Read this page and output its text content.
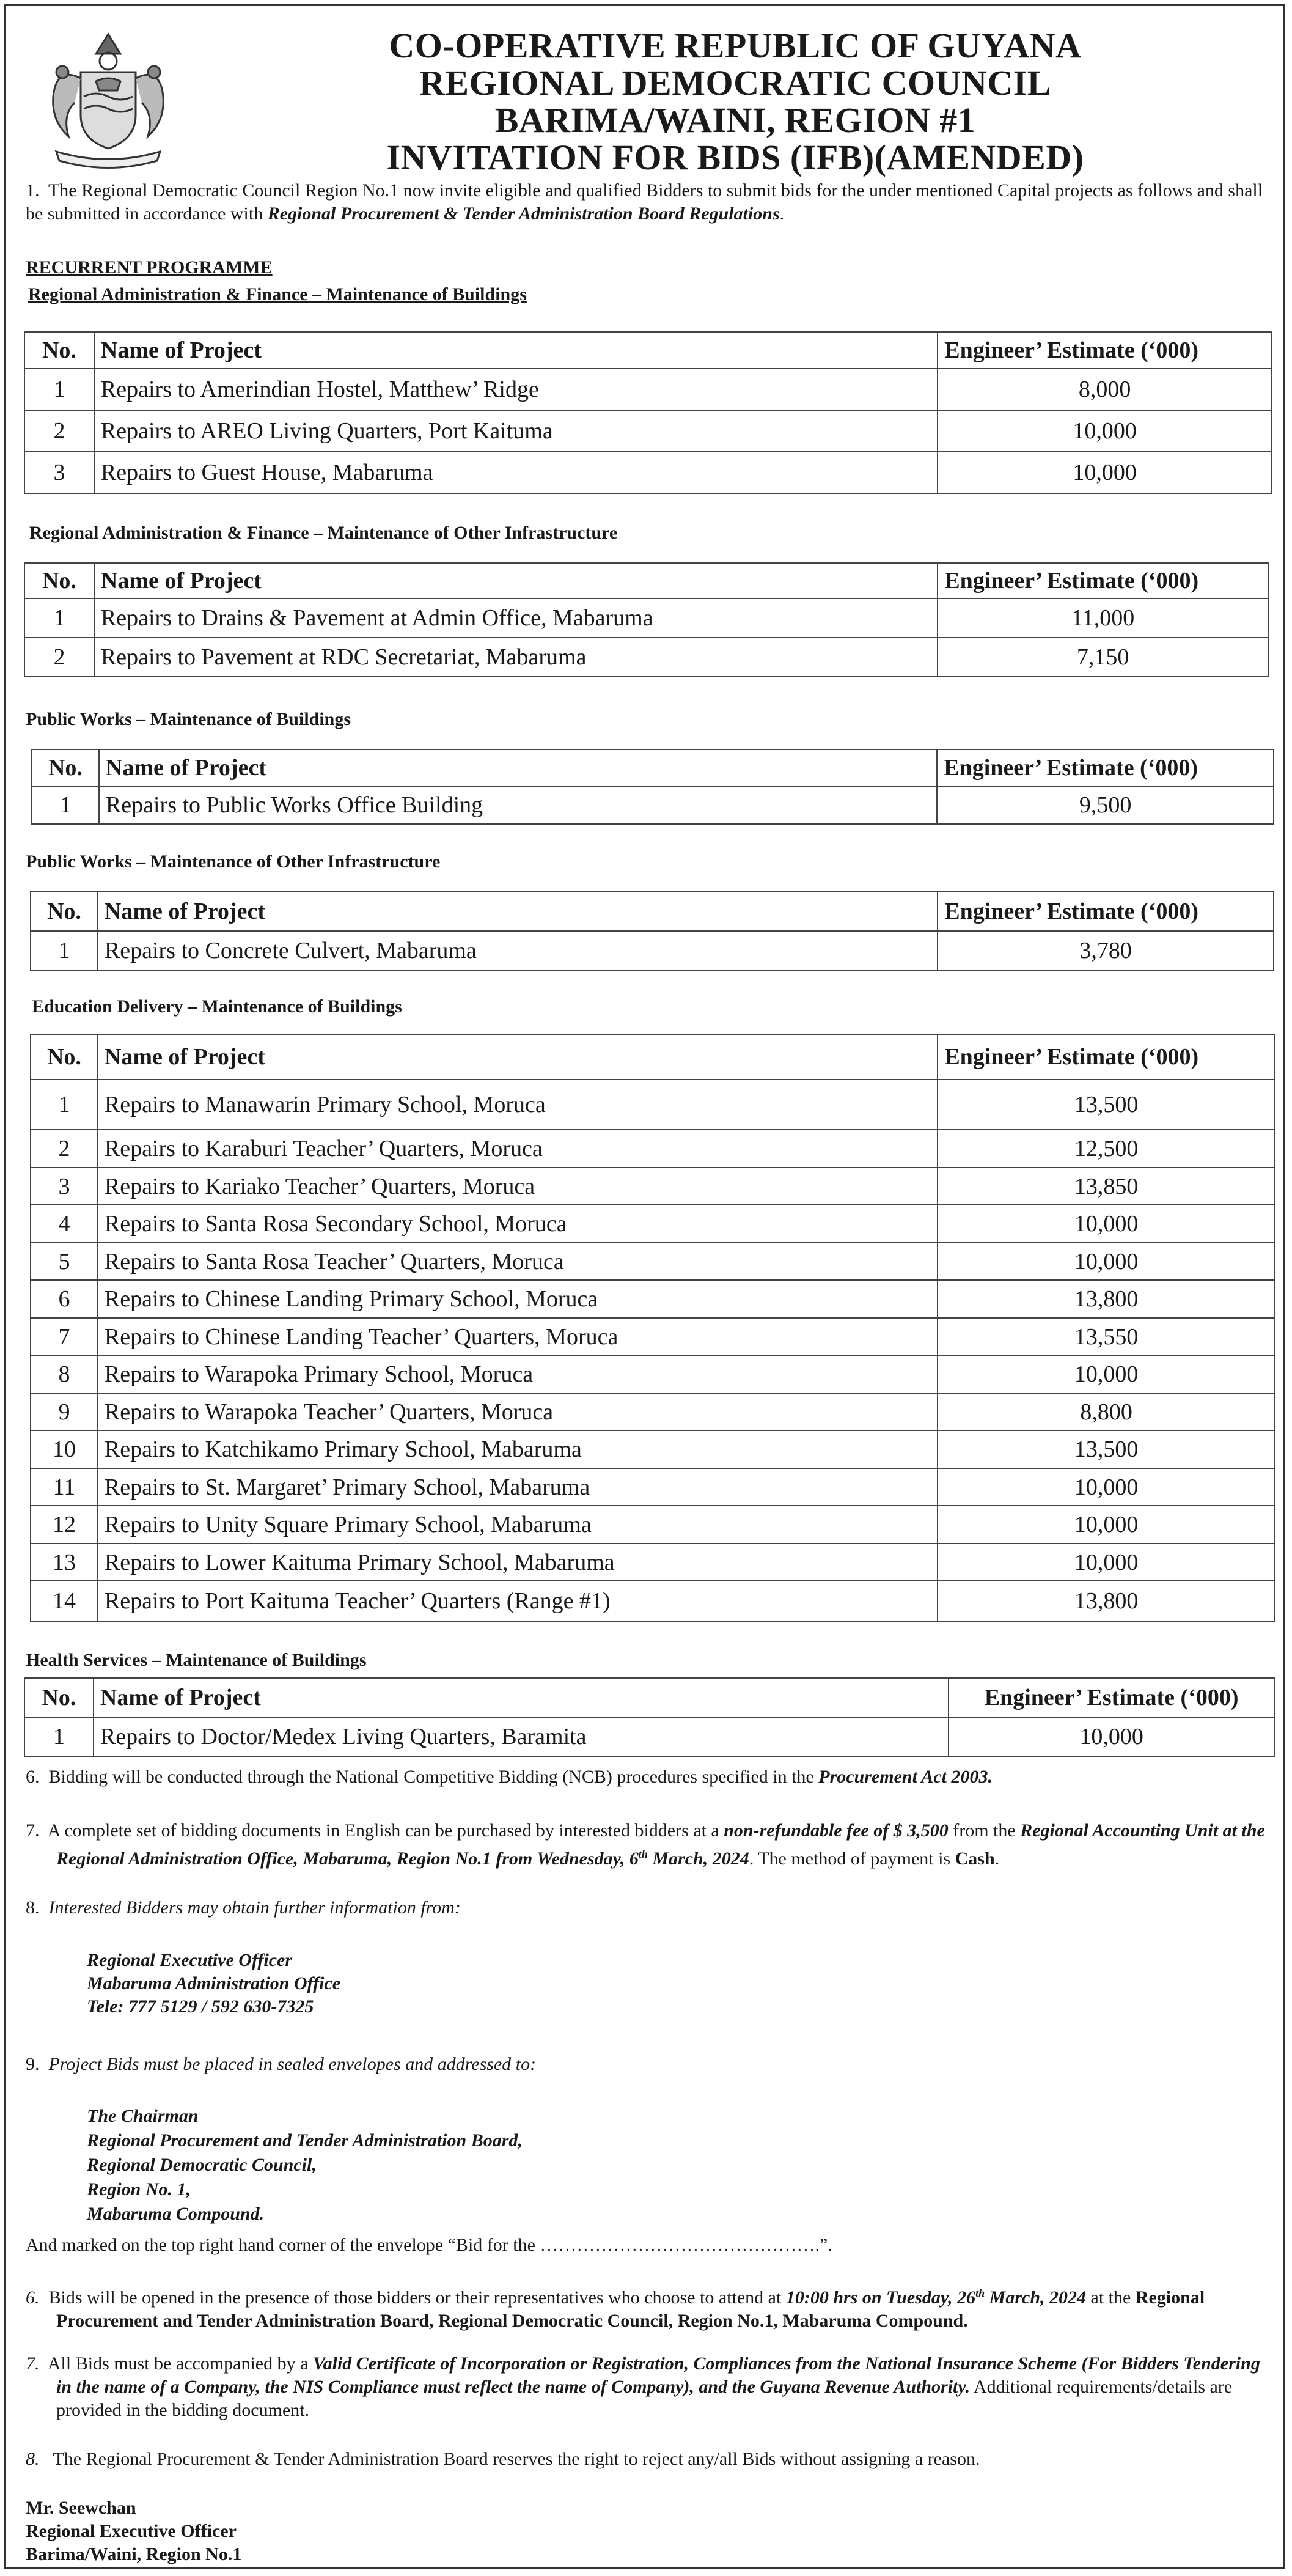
CO-OPERATIVE REPUBLIC OF GUYANA
REGIONAL DEMOCRATIC COUNCIL
BARIMA/WAINI, REGION #1
INVITATION FOR BIDS (IFB)(AMENDED)
1. The Regional Democratic Council Region No.1 now invite eligible and qualified Bidders to submit bids for the under mentioned Capital projects as follows and shall be submitted in accordance with Regional Procurement & Tender Administration Board Regulations.
RECURRENT PROGRAMME
Regional Administration & Finance – Maintenance of Buildings
No.	Name of Project	Engineer’ Estimate (‘000)
1	Repairs to Amerindian Hostel, Matthew’ Ridge	8,000
2	Repairs to AREO Living Quarters, Port Kaituma	10,000
3	Repairs to Guest House, Mabaruma	10,000
Regional Administration & Finance – Maintenance of Other Infrastructure
No.	Name of Project	Engineer’ Estimate (‘000)
1	Repairs to Drains & Pavement at Admin Office, Mabaruma	11,000
2	Repairs to Pavement at RDC Secretariat, Mabaruma	7,150
Public Works – Maintenance of Buildings
No.	Name of Project	Engineer’ Estimate (‘000)
1	Repairs to Public Works Office Building	9,500
Public Works – Maintenance of Other Infrastructure
No.	Name of Project	Engineer’ Estimate (‘000)
1	Repairs to Concrete Culvert, Mabaruma	3,780
Education Delivery – Maintenance of Buildings
No.	Name of Project	Engineer’ Estimate (‘000)
1	Repairs to Manawarin Primary School, Moruca	13,500
2	Repairs to Karaburi Teacher’ Quarters, Moruca	12,500
3	Repairs to Kariako Teacher’ Quarters, Moruca	13,850
4	Repairs to Santa Rosa Secondary School, Moruca	10,000
5	Repairs to Santa Rosa Teacher’ Quarters, Moruca	10,000
6	Repairs to Chinese Landing Primary School, Moruca	13,800
7	Repairs to Chinese Landing Teacher’ Quarters, Moruca	13,550
8	Repairs to Warapoka Primary School, Moruca	10,000
9	Repairs to Warapoka Teacher’ Quarters, Moruca	8,800
10	Repairs to Katchikamo Primary School, Mabaruma	13,500
11	Repairs to St. Margaret’ Primary School, Mabaruma	10,000
12	Repairs to Unity Square Primary School, Mabaruma	10,000
13	Repairs to Lower Kaituma Primary School, Mabaruma	10,000
14	Repairs to Port Kaituma Teacher’ Quarters (Range #1)	13,800
Health Services – Maintenance of Buildings
No.	Name of Project	Engineer’ Estimate (‘000)
1	Repairs to Doctor/Medex Living Quarters, Baramita	10,000
6. Bidding will be conducted through the National Competitive Bidding (NCB) procedures specified in the Procurement Act 2003.
7. A complete set of bidding documents in English can be purchased by interested bidders at a non-refundable fee of $ 3,500 from the Regional Accounting Unit at the Regional Administration Office, Mabaruma, Region No.1 from Wednesday, 6th March, 2024. The method of payment is Cash.
8. Interested Bidders may obtain further information from:
Regional Executive Officer
Mabaruma Administration Office
Tele: 777 5129 / 592 630-7325
9. Project Bids must be placed in sealed envelopes and addressed to:
The Chairman
Regional Procurement and Tender Administration Board,
Regional Democratic Council,
Region No. 1,
Mabaruma Compound.
And marked on the top right hand corner of the envelope “Bid for the ……………………………………….”.
6. Bids will be opened in the presence of those bidders or their representatives who choose to attend at 10:00 hrs on Tuesday, 26th March, 2024 at the Regional Procurement and Tender Administration Board, Regional Democratic Council, Region No.1, Mabaruma Compound.
7. All Bids must be accompanied by a Valid Certificate of Incorporation or Registration, Compliances from the National Insurance Scheme (For Bidders Tendering in the name of a Company, the NIS Compliance must reflect the name of Company), and the Guyana Revenue Authority. Additional requirements/details are provided in the bidding document.
8. The Regional Procurement & Tender Administration Board reserves the right to reject any/all Bids without assigning a reason.
Mr. Seewchan
Regional Executive Officer
Barima/Waini, Region No.1
